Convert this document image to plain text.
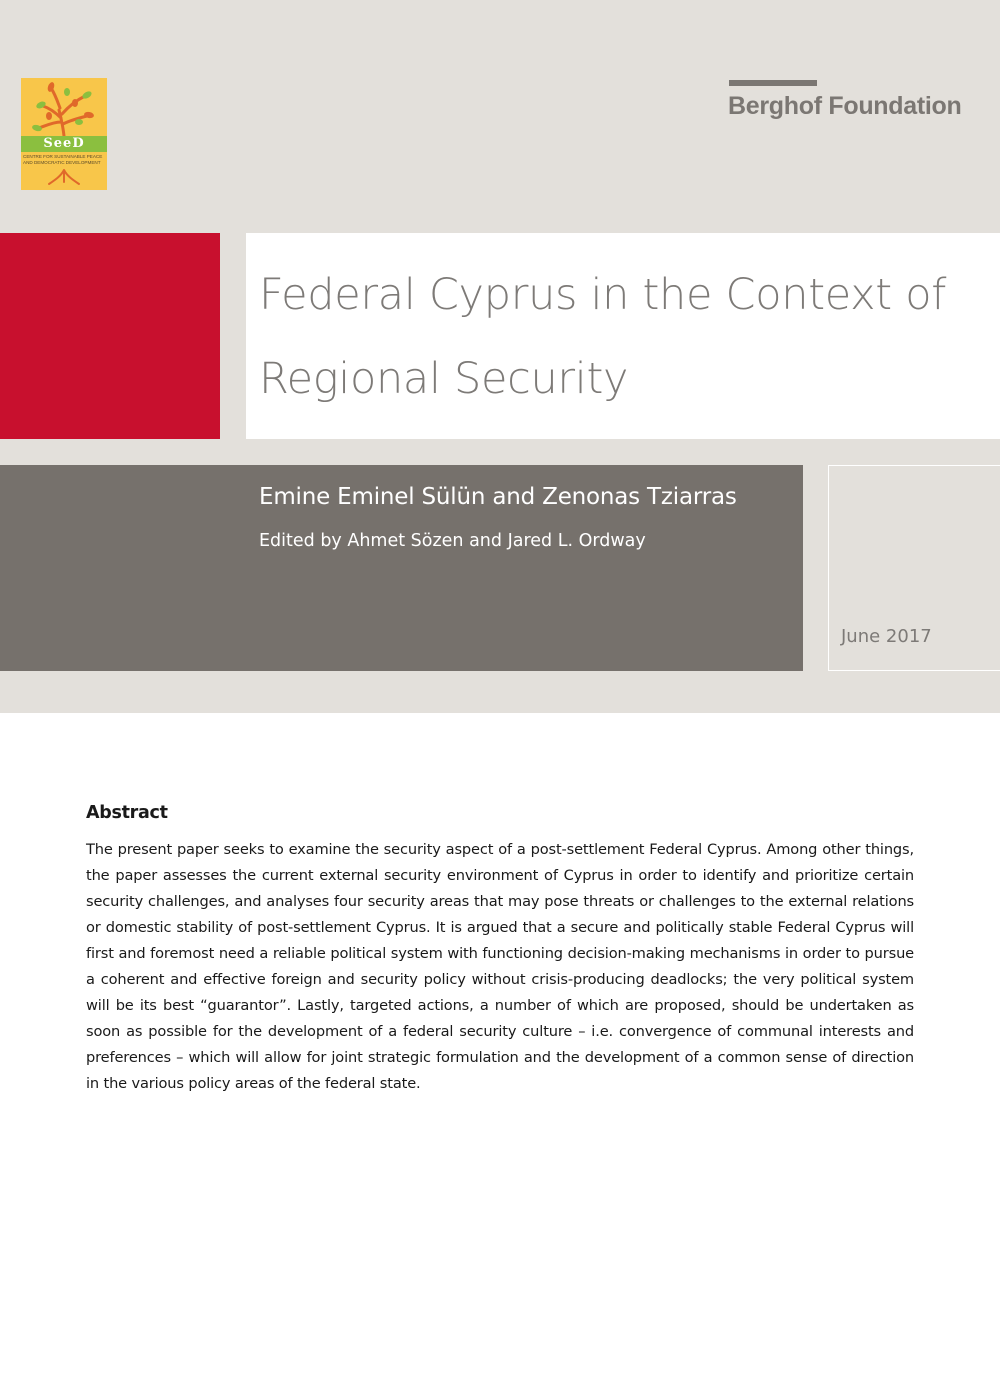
SeeD
CENTRE FOR SUSTAINABLE PEACE AND DEMOCRATIC DEVELOPMENT
Berghof Foundation
Federal Cyprus in the Context of Regional Security
Emine Eminel Sülün and Zenonas Tziarras
Edited by Ahmet Sözen and Jared L. Ordway
June 2017
Abstract
The present paper seeks to examine the security aspect of a post-settlement Federal Cyprus. Among other things, the paper assesses the current external security environment of Cyprus in order to identify and prioritize certain security challenges, and analyses four security areas that may pose threats or challenges to the external relations or domestic stability of post-settlement Cyprus. It is argued that a secure and politically stable Federal Cyprus will first and foremost need a reliable political system with functioning decision-making mechanisms in order to pursue a coherent and effective foreign and security policy without crisis-producing deadlocks; the very political system will be its best “guarantor”. Lastly, targeted actions, a number of which are proposed, should be undertaken as soon as possible for the development of a federal security culture – i.e. convergence of communal interests and preferences – which will allow for joint strategic formulation and the development of a common sense of direction in the various policy areas of the federal state.
